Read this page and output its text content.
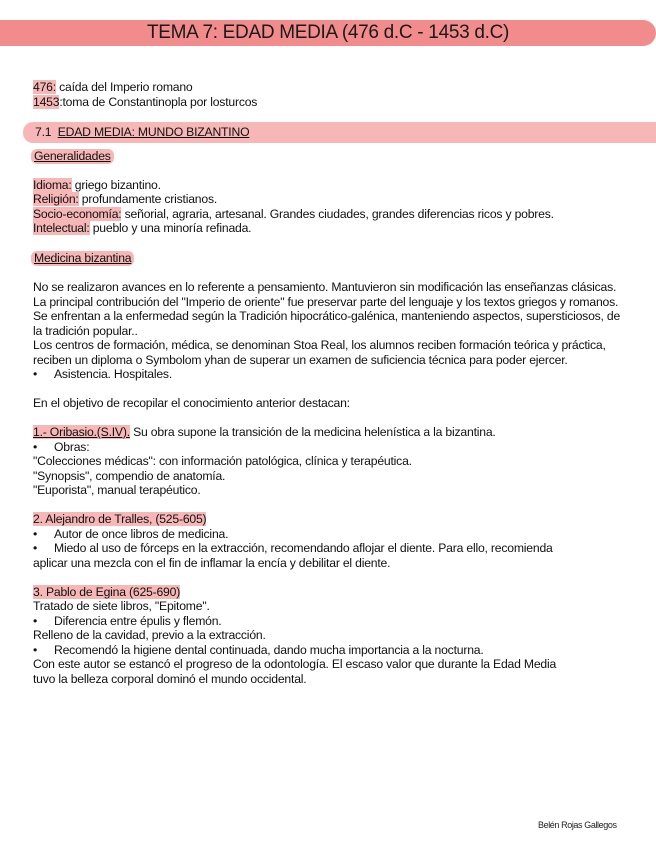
TEMA 7: EDAD MEDIA (476 d.C - 1453 d.C)
476: caída del Imperio romano
1453:toma de Constantinopla por losturcos
7.1 EDAD MEDIA: MUNDO BIZANTINO
Generalidades
Idioma: griego bizantino.
Religión: profundamente cristianos.
Socio-economía: señorial, agraria, artesanal. Grandes ciudades, grandes diferencias ricos y pobres.
Intelectual: pueblo y una minoría refinada.
Medicina bizantina
No se realizaron avances en lo referente a pensamiento. Mantuvieron sin modificación las enseñanzas clásicas. La principal contribución del "Imperio de oriente" fue preservar parte del lenguaje y los textos griegos y romanos.
Se enfrentan a la enfermedad según la Tradición hipocrático-galénica, manteniendo aspectos, supersticiosos, de la tradición popular..
Los centros de formación, médica, se denominan Stoa Real, los alumnos reciben formación teórica y práctica, reciben un diploma o Symbolom yhan de superar un examen de suficiencia técnica para poder ejercer.
• Asistencia. Hospitales.
En el objetivo de recopilar el conocimiento anterior destacan:
1.- Oribasio.(S.IV). Su obra supone la transición de la medicina helenística a la bizantina.
• Obras:
"Colecciones médicas": con información patológica, clínica y terapéutica.
"Synopsis", compendio de anatomía.
"Euporista", manual terapéutico.
2. Alejandro de Tralles, (525-605)
• Autor de once libros de medicina.
• Miedo al uso de fórceps en la extracción, recomendando aflojar el diente. Para ello, recomienda
aplicar una mezcla con el fin de inflamar la encía y debilitar el diente.
3. Pablo de Egina (625-690)
Tratado de siete libros, "Epitome".
• Diferencia entre épulis y flemón.
Relleno de la cavidad, previo a la extracción.
• Recomendó la higiene dental continuada, dando mucha importancia a la nocturna.
Con este autor se estancó el progreso de la odontología. El escaso valor que durante la Edad Media
tuvo la belleza corporal dominó el mundo occidental.
Belén Rojas Gallegos
